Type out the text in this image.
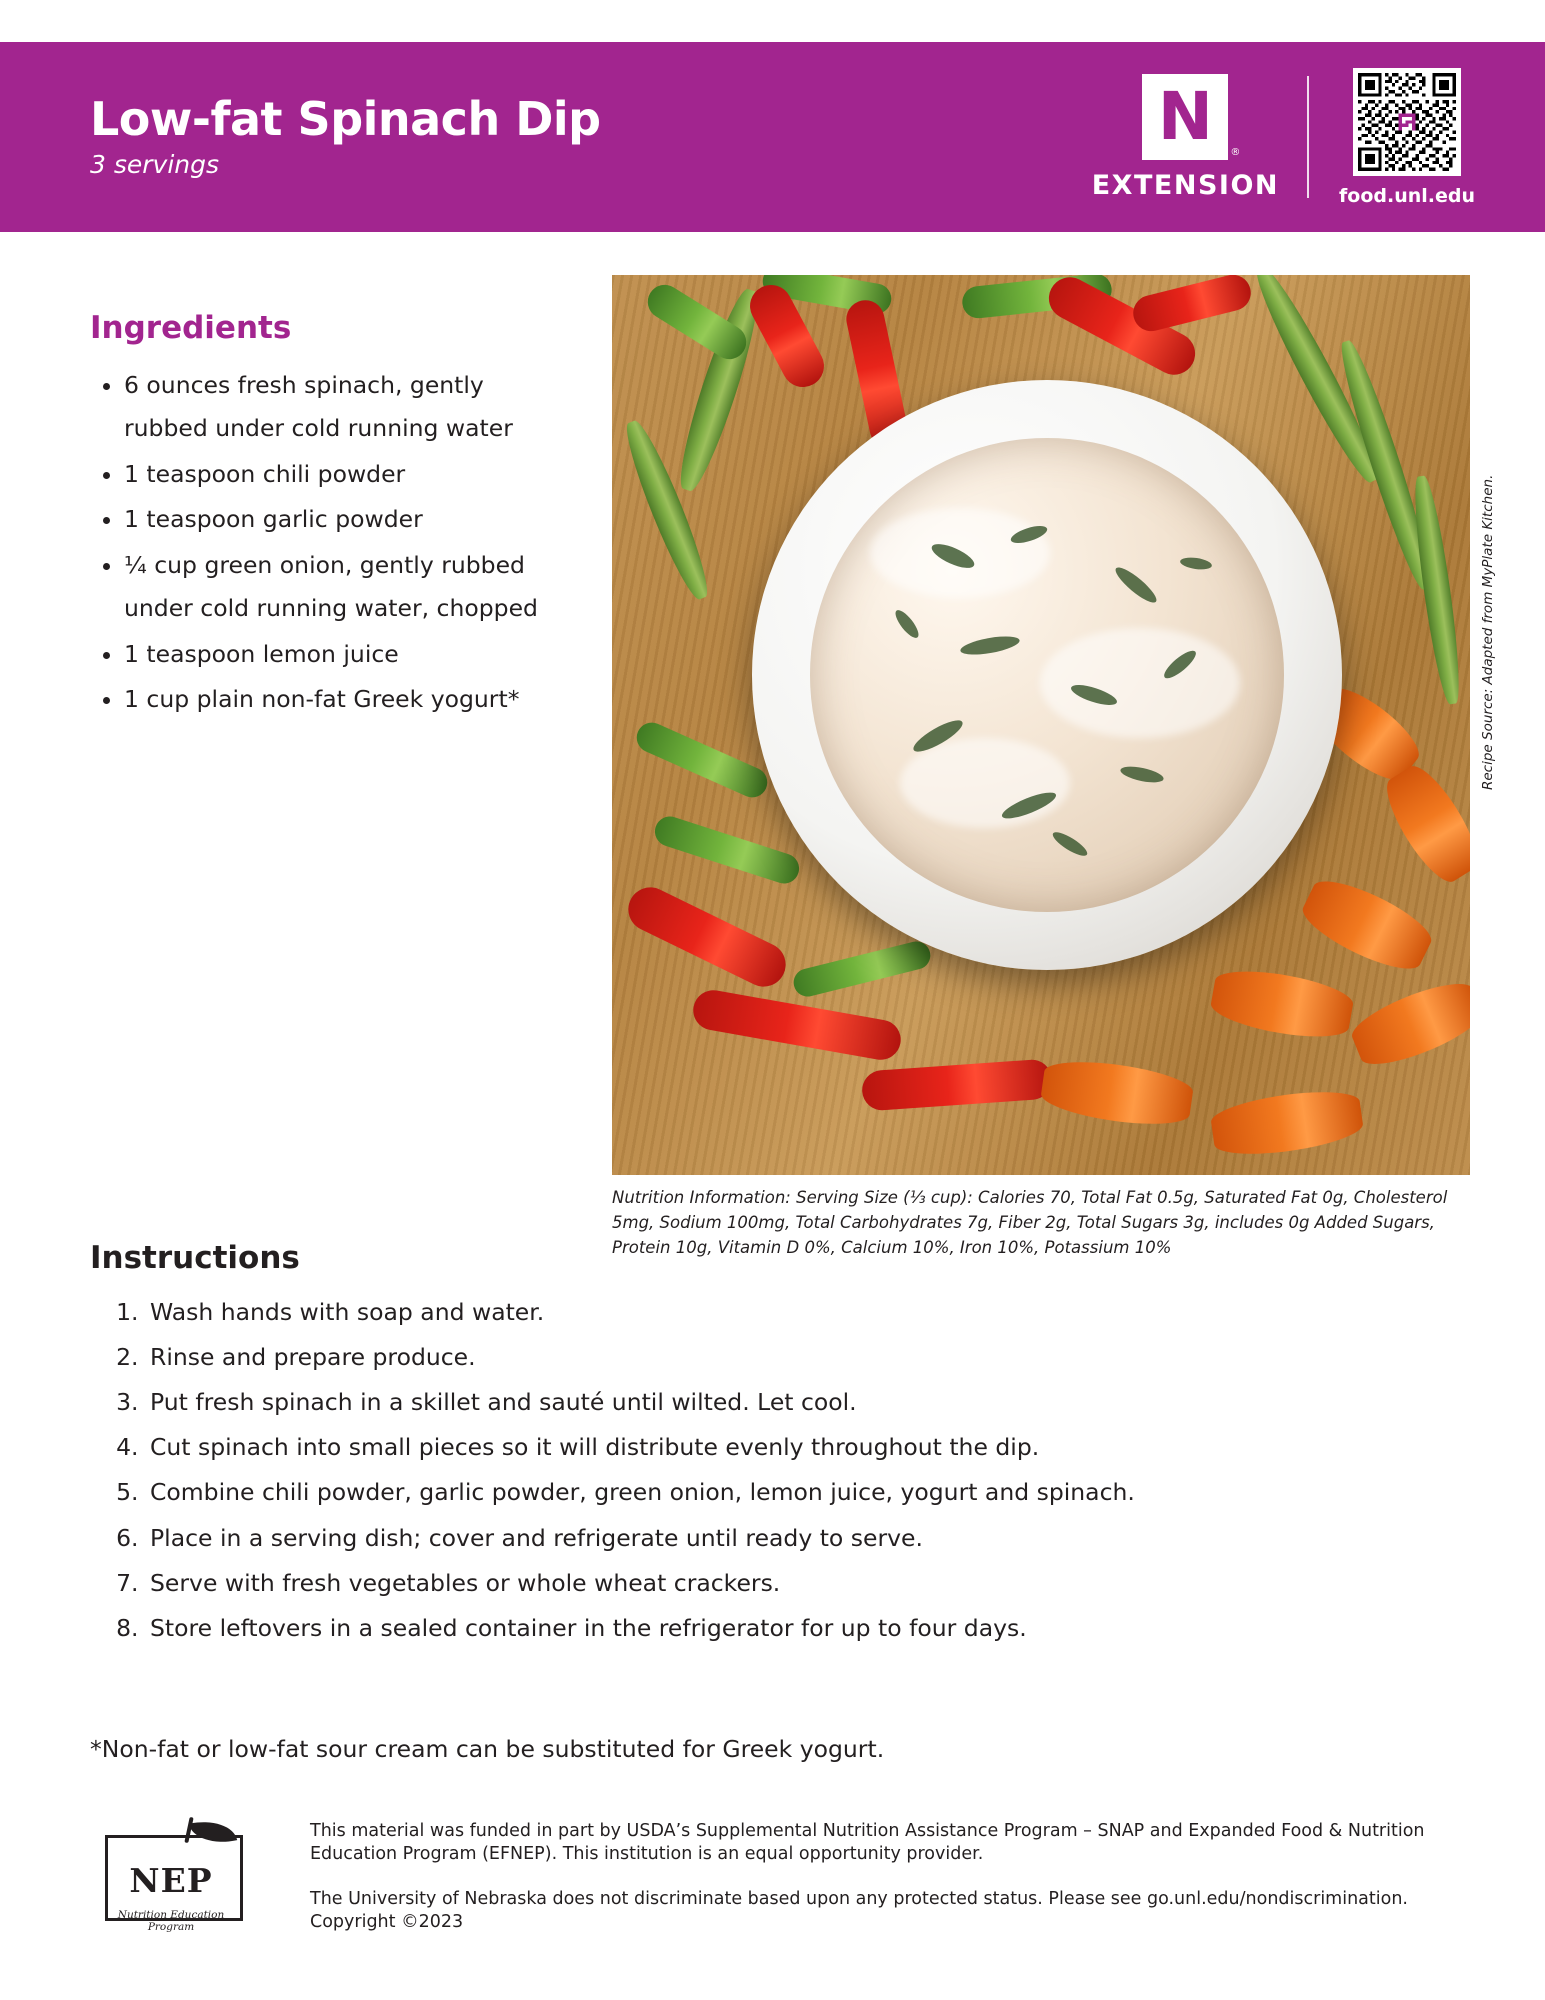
Low-fat Spinach Dip

3 servings

N ®
EXTENSION	food.unl.edu
Ingredients
• 6 ounces fresh spinach, gently rubbed under cold running water
• 1 teaspoon chili powder
• 1 teaspoon garlic powder
• ¼ cup green onion, gently rubbed under cold running water, chopped
• 1 teaspoon lemon juice
• 1 cup plain non-fat Greek yogurt*	Recipe Source: Adapted from MyPlate Kitchen.
Nutrition Information: Serving Size (⅓ cup): Calories 70, Total Fat 0.5g, Saturated Fat 0g, Cholesterol 5mg, Sodium 100mg, Total Carbohydrates 7g, Fiber 2g, Total Sugars 3g, includes 0g Added Sugars, Protein 10g, Vitamin D 0%, Calcium 10%, Iron 10%, Potassium 10%
Instructions
1. Wash hands with soap and water.
2. Rinse and prepare produce.
3. Put fresh spinach in a skillet and sauté until wilted. Let cool.
4. Cut spinach into small pieces so it will distribute evenly throughout the dip.
5. Combine chili powder, garlic powder, green onion, lemon juice, yogurt and spinach.
6. Place in a serving dish; cover and refrigerate until ready to serve.
7. Serve with fresh vegetables or whole wheat crackers.
8. Store leftovers in a sealed container in the refrigerator for up to four days.
*Non-fat or low-fat sour cream can be substituted for Greek yogurt.
NEP
Nutrition Education Program

This material was funded in part by USDA’s Supplemental Nutrition Assistance Program – SNAP and Expanded Food & Nutrition Education Program (EFNEP). This institution is an equal opportunity provider.

The University of Nebraska does not discriminate based upon any protected status. Please see go.unl.edu/nondiscrimination. Copyright ©2023
